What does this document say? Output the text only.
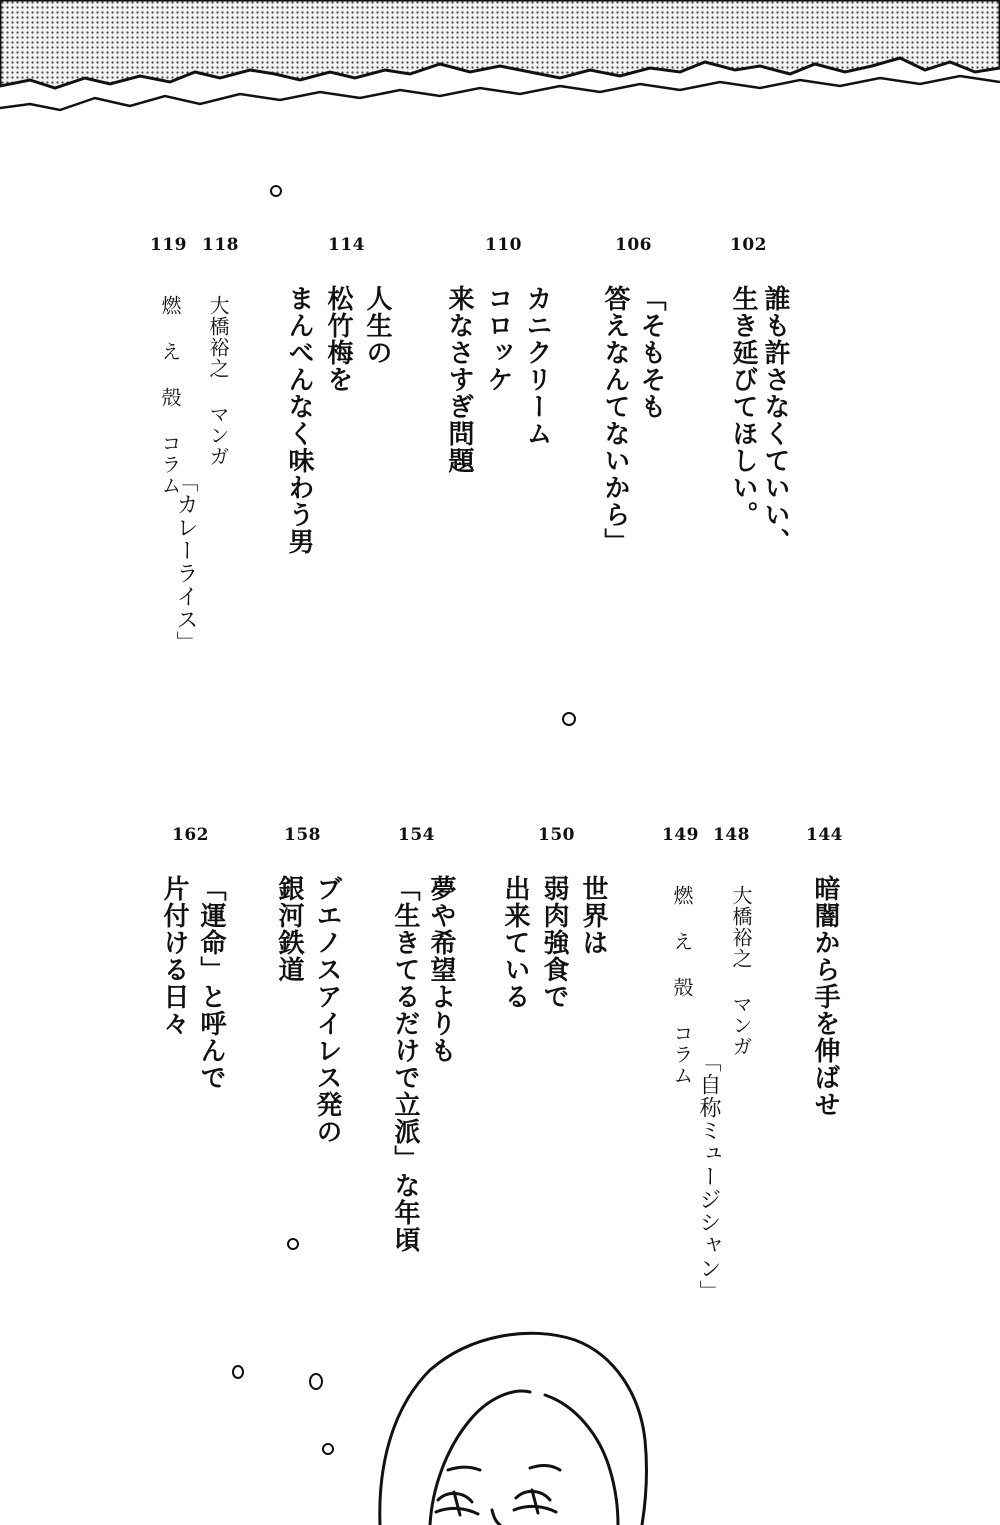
102
誰も許さなくていい、
生き延びてほしい。
106
「そもそも
答えなんてないから」
110
カニクリーム
コロッケ
来なさすぎ問題
114
人生の
松竹梅を
まんべんなく味わう男
118
大橋裕之 マンガ
「カレーライス」
119
燃 え 殻 コラム
144
暗闇から手を伸ばせ
148
大橋裕之 マンガ
「自称ミュージシャン」
149
燃 え 殻 コラム
150
世界は
弱肉強食で
出来ている
154
夢や希望よりも
「生きてるだけで立派」な年頃
158
ブエノスアイレス発の
銀河鉄道
162
「運命」と呼んで
片付ける日々
